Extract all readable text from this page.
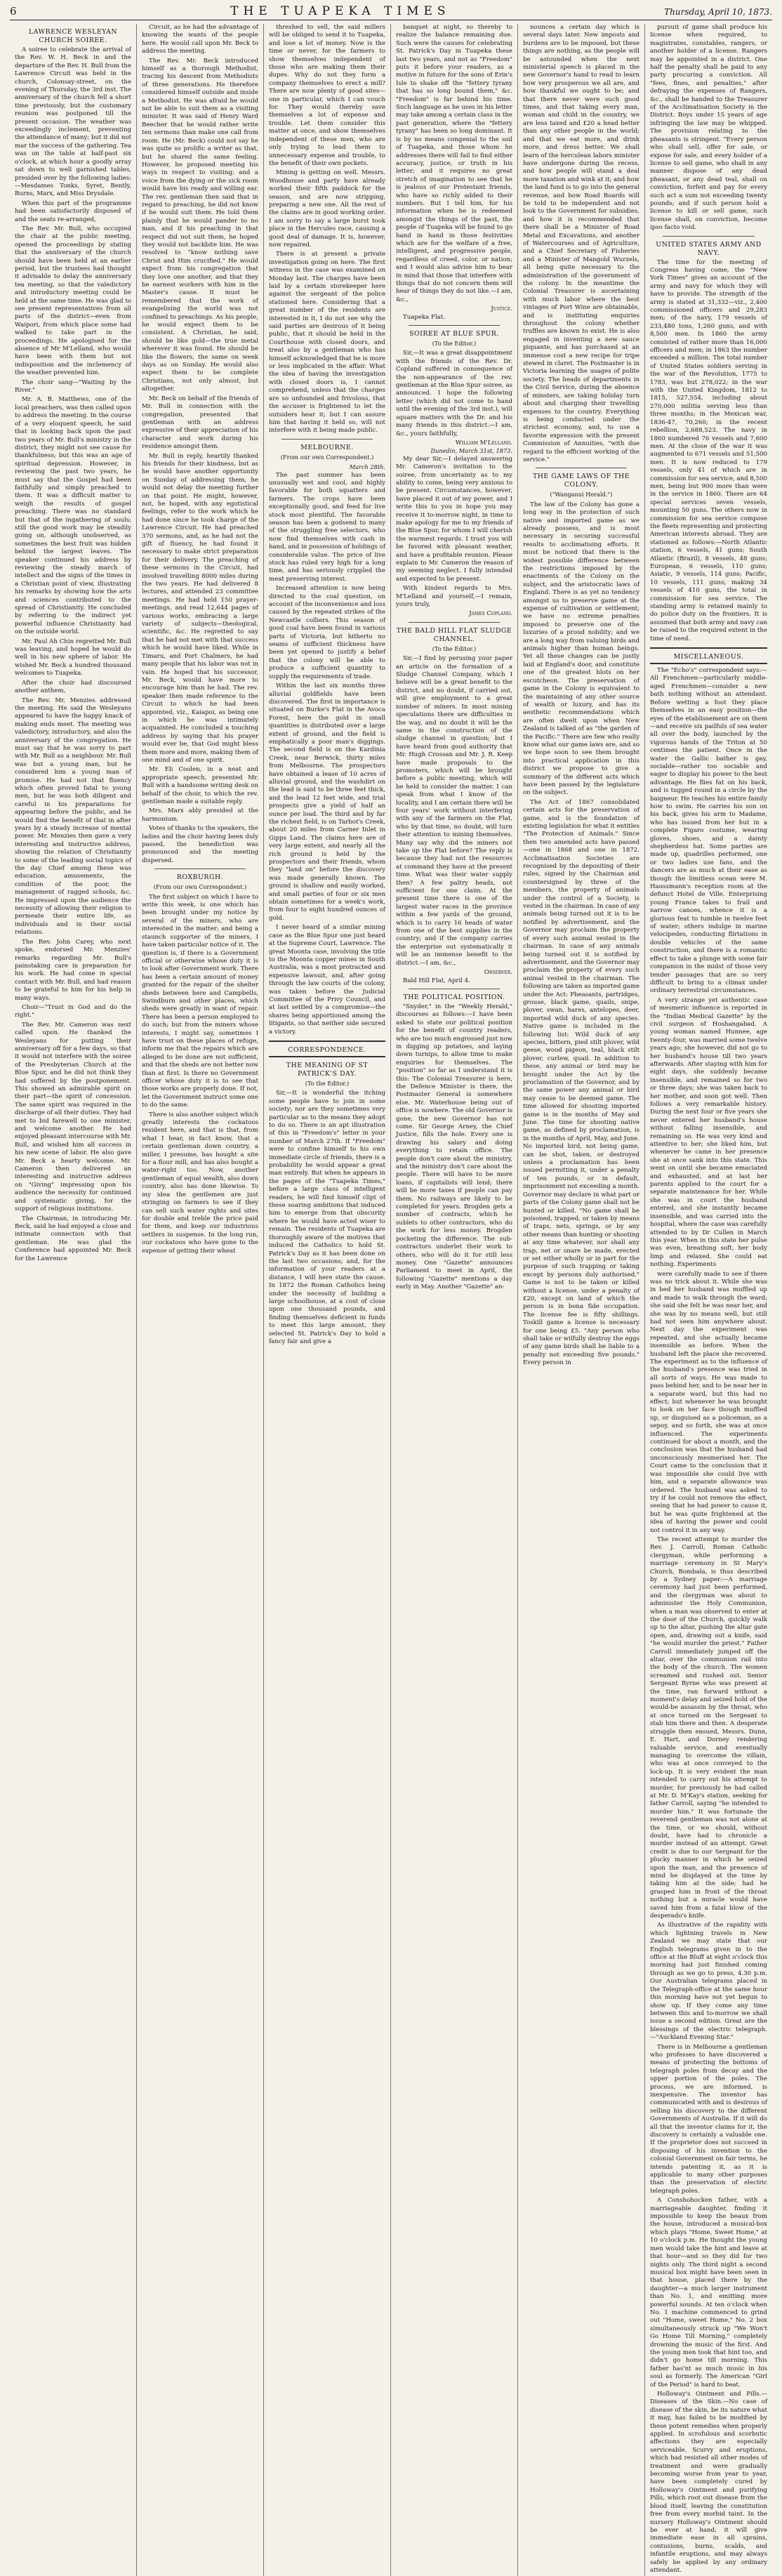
6	THE TUAPEKA TIMES	Thursday, April 10, 1873.
LAWRENCE WESLEYAN CHURCH SOIREE.

A soiree to celebrate the arrival of the Rev. W. H. Beck in and the departure of the Rev. H. Bull from the Lawrence Circuit was held in the church, Colonsay-street, on the evening of Thursday, the 3rd inst. The anniversary of the church fell a short time previously, but the customary reunion was postponed till the present occasion. The weather was exceedingly inclement, preventing the attendance of many; but it did not mar the success of the gathering. Tea was on the table at half-past six o'clock, at which hour a goodly array sat down to well garnished tables, presided over by the following ladies:—Mesdames Tonks, Syret, Bently, Burns, Marx, and Miss Drysdale.

When this part of the programme had been satisfactorily disposed of and the seats re-arranged,

The Rev. Mr. Bull, who occupied the chair at the public meeting, opened the proceedings by stating that the anniversary of the church should have been held at an earlier period, but the trustees had thought it advisable to delay the anniversary tea meeting, so that the valedictory and introductory meeting could be held at the same time. He was glad to see present representatives from all parts of the district—even from Waipori, from which place some had walked to take part in the proceedings. He apologised for the absence of Mr M'Lelland, who would have been with them but not indisposition and the inclemency of the weather prevented him.

The choir sang—"Waiting by the River."

Mr. A. B. Matthews, one of the local preachers, was then called upon to address the meeting. In the course of a very eloquent speech, he said that in looking back upon the past two years of Mr. Bull's ministry in the district, they might not see cause for thankfulness; but this was an age of spiritual depression. However, in reviewing the past two years, he must say that the Gospel had been faithfully and simply preached to them. It was a difficult matter to weigh the results of gospel preaching. There was no standard but that of the ingathering of souls; still the good work may be steadily going on, although unobserved, as sometimes the best fruit was hidden behind the largest leaves. The speaker continued his address by reviewing the steady march of intellect and the signs of the times in a Christian point of view, illustrating his remarks by showing how the arts and sciences contributed to the spread of Christianity. He concluded by referring to the indirect yet powerful influence Christianity had on the outside world.

Mr. Paul Ah Chin regretted Mr. Bull was leaving, and hoped he would do well in his new sphere of labor. He wished Mr. Beck a hundred thousand welcomes to Tuapeka.

After the choir had discoursed another anthem,

The Rev. Mr. Menzies addressed the meeting. He said the Wesleyans appeared to have the happy knack of making ends meet. The meeting was valedictory, introductory, and also the anniversary of the congregation. He must say that he was sorry to part with Mr. Bull as a neighbour. Mr. Bull was but a young man, but he considered him a young man of promise. He had not that fluency which often proved fatal to young men, but he was both diligent and careful in his preparations for appearing before the public, and he would find the benefit of that in after years by a steady increase of mental power. Mr. Menzies then gave a very interesting and instructive address, showing the relation of Christianity to some of the leading social topics of the day. Chief among these was education, amusements, the condition of the poor, the management of ragged schools, &c. He impressed upon the audience the necessity of allowing their religion to permeate their entire life, as individuals and in their social relations.

The Rev. John Carey, who next spoke, endorsed Mr. Menzies' remarks regarding Mr. Bull's painstaking care in preparation for his work. He had come in special contact with Mr. Bull, and had reason to be grateful to him for his help in many ways.

Choir—"Trust in God and do the right."

The Rev. Mr. Cameron was next called upon. He thanked the Wesleyans for putting their anniversary off for a few days, so that it would not interfere with the soiree of the Presbyterian Church at the Blue Spur, and he did not think they had suffered by the postponement. This showed an admirable spirit on their part—the spirit of concession. The same spirit was required in the discharge of all their duties. They had met to bid farewell to one minister, and welcome another. He had enjoyed pleasant intercourse with Mr. Bull, and wished him all success in his new scene of labor. He also gave Mr. Beck a hearty welcome. Mr. Cameron then delivered an interesting and instructive address on "Giving" impressing upon his audience the necessity for continued and systematic giving, for the support of religious institutions.

The Chairman, in introducing Mr. Beck, said he had enjoyed a close and intimate connection with that gentleman. He was glad the Conference had appointed Mr. Beck for the Lawrence

Circuit, as he had the advantage of knowing the wants of the people here. He would call upon Mr. Beck to address the meeting.

The Rev. Mr. Beck introduced himself as a thorough Methodist, tracing his descent from Methodists of three generations. He therefore considered himself outside and inside a Methodist. He was afraid he would not be able to suit them as a visiting minister. It was said of Henry Ward Beecher that he would rather write ten sermons than make one call from room. He (Mr. Beck) could not say he was quite so prolific a writer as that, but he shared the same feeling. However, he proposed meeting his ways in respect to visiting; and a voice from the dying or the sick room would have his ready and willing ear. The rev. gentleman then said that in regard to preaching, he did not know if he would suit them. He told them plainly that he would pander to no man, and if his preaching in that respect did not suit them, he hoped they would not backbite him. He was resolved to "know nothing save Christ and Him crucified." He would expect from his congregation that they love one another, and that they be earnest workers with him in the Master's cause. It must be remembered that the work of evangelising the world was not confined to preachings. As his people, he would expect them to be consistent. A Christian, he said, should be like gold—the true metal wherever it was found. He should be like the flowers, the same on week days as on Sunday. He would also expect them to be complete Christians, not only almost, but altogether.

Mr. Beck on behalf of the friends of Mr. Bull in connection with the congregation, presented that gentleman with an address expressive of their appreciation of his character and work during his residence amongst them.

Mr. Bull in reply, heartily thanked his friends for their kindness, but as he would have another opportunity on Sunday of addressing them, he would not delay the meeting further on that point. He might, however, not, he hoped, with any egotistical feelings, refer to the work which he had done since he took charge of the Lawrence Circuit. He had preached 370 sermons, and, as he had not the gift of fluency, he had found it necessary to make strict preparation for their delivery. The preaching of these sermons in the Circuit, had involved travelling 8000 miles during the two years. He had delivered 8 lectures, and attended 23 committee meetings. He had held 150 prayer-meetings, and read 12,644 pages of various works, embracing a large variety of subjects—theological, scientific, &c. He regretted to say that he had not met with that success which he would have liked. While in Timaru, and Port Chalmers, he had many people that his labor was not in vain. He hoped that his successor, Mr. Beck, would have more to encourage him than he had. The rev. speaker then made reference to the Circuit to which he had been appointed, viz., Kaiapoi, as being one in which he was intimately acquainted. He concluded a touching address by saying that his prayer would ever be, that God might bless them more and more, making them of one mind and of one spirit.

Mr. Eli Coolen, in a neat and appropriate speech, presented Mr. Bull with a handsome writing desk on behalf of the choir, to which the rev. gentleman made a suitable reply.

Mrs. Marx ably presided at the harmonium.

Votes of thanks to the speakers, the ladies and the choir having been duly passed, the benediction was pronounced and the meeting dispersed.

ROXBURGH.
(From our own Correspondent.)

The first subject on which I have to write this week, is one which has been brought under my notice by several of the miners, who are interested in the matter; and being a staunch supporter of the miners, I have taken particular notice of it. The question is, if there is a Government official or otherwise whose duty it is to look after Government work. There has been a certain amount of money granted for the repair of the shelter sheds between here and Campbells, Swindburn and other places, which sheds were greatly in want of repair. There has been a person employed to do such; but from the miners whose interests, I might say, sometimes I have trust on these places of refuge, inform me that the repairs which are alleged to be done are not sufficient, and that the sheds are not better now than at first. Is there no Government officer whose duty it is to see that those works are properly done. If not, let the Government instruct some one to do the same.

There is also another subject which greatly interests the cockatoos resident here, and that is that, from what I hear, in fact know, that a certain gentleman down country, a miller, I presume, has bought a site for a flour mill, and has also bought a water-right too. Now, another gentleman of equal wealth, also down country, also has done likewise. To my idea the gentlemen are just stringing on farmers to see if they can sell such water rights and sites for double and treble the price paid for them, and keep our industrious settlers in suspense. In the long run, our cockatoos who have gone to the expense of getting their wheat

threshed to sell, the said millers will be obliged to send it to Tuapeka, and lose a lot of money. Now is the time or never, for the farmers to show themselves independent of those who are making them their dupes. Why do not they form a company themselves to erect a mill? There are now plenty of good sites—one in particular, which I can vouch for. They would thereby save themselves a lot of expense and trouble. Let them consider this matter at once, and show themselves independent of these men, who are only trying to lead them to unnecessary expense and trouble, to the benefit of their own pockets.

Mining is getting on well. Messrs. Woodhouse and party have already worked their fifth paddock for the season, and are now stripping, preparing a new one. All the rest of the claims are in good working order. I am sorry to say a large burst took place in the Hercules race, causing a good deal of damage. It is, however, now repaired.

There is at present a private investigation going on here. The first witness in the case was examined on Monday last. The charges have been laid by a certain storekeeper here against the sergeant of the police stationed here. Considering that a great number of the residents are interested in it, I do not see why the said parties are desirous of it being public, that it should be held in the Courthouse with closed doors, and treat also by a gentleman who has himself acknowledged that he is more or less implicated in the affair. What the idea of having the investigation with closed doors is, I cannot comprehend, unless that the charges are so unfounded and frivolous, that the accuser is frightened to let the outsiders hear it; but I can assure him that having it held so, will not interfere with it being made public.

MELBOURNE.
(From our own Correspondent.)
March 28th.

The past summer has been unusually wet and cool, and highly favorable for both squatters and farmers. The crops have been exceptionally good, and feed for live stock most plentiful. The favorable season has been a godsend to many of the struggling free selectors, who now find themselves with cash in hand, and in possession of holdings of considerable value. The price of live stock has ruled very high for a long time, and has seriously crippled the meat preserving interest.

Increased attention is now being directed to the coal question, on account of the inconvenience and loss caused by the repeated strikes of the Newcastle colliers. This season of good coal have been found in various parts of Victoria, but hitherto no seams of sufficient thickness have been yet opened to justify a belief that the colony will be able to produce a sufficient quantity to supply the requirements of trade.

Within the last six months three alluvial goldfields have been discovered. The first in importance is situated on Burke's Flat in the Avoca Forest, here the gold in small quantities is distributed over a large extent of ground, and the field is emphatically a poor man's diggings. The second field is on the Kardinia Creek, near Berwick, thirty miles from Melbourne. The prospectors have obtained a lease of 10 acres of alluvial ground, and the washdirt on the lead is said to be three feet thick, and the lead 12 feet wide, and trial prospects give a yield of half an ounce per load. The third and by far the richest field, is on Tarbot's Creek, about 20 miles from Carner Inlet in Gipps Land. The claims here are of very large extent, and nearly all the rich ground is held by the prospectors and their friends, whom they "land on" before the discovery was made generally known. The ground is shallow and easily worked, and small parties of four or six men obtain sometimes for a week's work, from four to eight hundred ounces of gold.

I never heard of a similar mining case as the Blue Spur one just heard at the Supreme Court, Lawrence. The great Moonta case, involving the title to the Moonta copper mines in South Australia, was a most protracted and expensive lawsuit, and, after going through the law courts of the colony, was taken before the Judicial Committee of the Privy Council, and at last settled by a compromise—the shares being apportioned among the litigants, so that neither side secured a victory.

CORRESPONDENCE.
THE MEANING OF ST PATRICK'S DAY.
(To the Editor.)

Sir,—It is wonderful the itching some people have to join in some society; nor are they sometimes very particular as to the means they adopt to do so. There is an apt illustration of this in "Freedom's" letter in your number of March 27th. If "Freedom" were to confine himself to his own immediate circle of friends, there is a probability he would appear a great man entirely. But when he appears in the pages of the "Tuapeka Times," before a large class of intelligent readers, he will find himself clipt of these soaring ambitions that induced him to emerge from that obscurity where he would have acted wiser to remain. The residents of Tuapeka are thoroughly aware of the motives that induced the Catholics to hold St. Patrick's Day as it has been done on the last two occasions; and, for the information of your readers at a distance, I will here state the cause. In 1872 the Roman Catholics being under the necessity of building a large schoolhouse, at a cost of close upon one thousand pounds, and finding themselves deficient in funds to meet this large amount, they selected St. Patrick's Day to hold a fancy fair and give a

banquet at night, so thereby to realize the balance remaining due. Such were the causes for celebrating St. Patrick's Day in Tuapeka these last two years, and not as "Freedom" puts it before your readers, as a motive in future for the sons of Erin's Isle to shake off the "fettery tyrany that has so long bound them," &c. "Freedom" is far behind his time. Such language as he uses in his letter may take among a certain class in the past generation, where the "fettery tyrany" has been so long dominant. It is by no means congenial to the soil of Tuapeka, and those whom he addresses there will fail to find either accuracy, justice, or truth in his letter; and it requires no great stretch of imagination to see that he is jealous of our Protestant friends, who have so richly added to their numbers. But I tell him, for his information when he is redeemed amongst the things of the past, the people of Tuapeka will be found to go hand in hand in those festivities which are for the welfare of a free, intelligent, and progressive people, regardless of creed, color, or nation; and I would also advise him to bear in mind that those that interfere with things that do not concern them will hear of things they do not like.—I am, &c.,

Justice.

Tuapeka Flat.

SOIREE AT BLUE SPUR.
(To the Editor.)

Sir,—It was a great disappointment with the friends of the Rev. Dr. Copland suffered in consequence of the non-appearance of the rev. gentleman at the Blue Spur soiree, as announced. I hope the following letter (which did not come to hand until the evening of the 3rd inst.), will square matters with the Dr. and his many friends in this district.—I am, &c., yours faithfully,

William M'Lelland.
Dunedin, March 31st, 1873.

My dear Sir,—I delayed answering Mr. Cameron's invitation to the soiree, from uncertainty as to my ability to come, being very anxious to be present. Circumstances, however, have placed it out of my power, and I write this to you in hope you may receive it to-morrow night, in time to make apology for me to my friends of the Blue Spur, for whom I will cherish the warmest regards. I trust you will be favored with pleasant weather, and have a profitable reunion. Please explain to Mr. Cameron the reason of my seeming neglect. I fully intended and expected to be present.

With kindest regards to Mrs. M'Lelland and yourself,—I remain, yours truly,

James Copland.
THE BALD HILL FLAT SLUDGE CHANNEL.
(To the Editor.)

Sir,—I find by perusing your paper an article on the formation of a Sludge Channel Company, which I believe will be a great benefit to the district, and no doubt, if carried out, will give employment to a great number of miners. In most mining speculations there are difficulties in the way, and no doubt it will be the same in the construction of the sludge channel in question; but I have heard from good authority that Mr. Hugh Crossan and Mr. J. R. Keep have made proposals to the promoters, which will be brought before a public meeting, which will be held to consider the matter. I can speak from what I know of the locality, and I am certain there will be four years' work without interfering with any of the farmers on the Flat, who by that time, no doubt, will turn their attention to mining themselves. Many say why did the miners not take up the Flat before? The reply is because they had not the resources at command they have at the present time. What was their water supply then? A few paltry heads, not sufficient for one claim. At the present time there is one of the largest water races in the province within a few yards of the ground, which is to carry 16 heads of water from one of the best supplies in the country; and if the company carries the enterprise out systematically it will be an immense benefit to the district.—I am, &c.,

Observer.

Bald Hill Flat, April 4.

THE POLITICAL POSITION.

"Snyder," in the "Weekly Herald," discourses as follows:—I have been asked to state our political position for the benefit of country readers, who are too much engrossed just now in digging up potatoes, and laying down turnips, to allow time to make enquiries for themselves. The "position" so far as I understand it is this: The Colonial Treasurer is here, the Defence Minister is there, the Postmaster General is somewhere else. Mr. Waterhouse being out of office is nowhere. The old Governor is gone, the new Governor has not come. Sir George Arney, the Chief Justice, fills the hole. Every one is drawing his salary and doing everything to retain office. The people don't care about the ministry, and the ministry don't care about the people. There will have to be more loans, if capitalists will lend; there will be more taxes if people can pay them. No railways are likely to be completed for years. Brogden gets a number of contracts, which he sublets to other contractors, who do the work for less money. Brogden pocketing the difference. The sub-contractors underlet their work to others, who will do it for still less money. One "Gazette" announces Parliament to meet in April, the following "Gazette" mentions a day early in May. Another "Gazette" an-

nounces a certain day which is several days later. New imposts and burdens are to be imposed, but these things are nothing, as the people will be astounded when the next ministerial speech is placed in the new Governor's hand to read to learn how very prosperous we all are, and how thankful we ought to be; and that there never were such good times, and that taking every man, woman and child in the country, we are less taxed and £20 a head better than any other people in the world; and that we eat more, and drink more, and dress better. We shall learn of the herculean labors minister have undergone during the recess, and how people will stand a deal more taxation and wink at it; and how the land fund is to go into the general revenue, and how Road Boards will be told to be independent and not look to the Government for subsidies, and how it is recommended that there shall be a Minister of Road Metal and Excavations, and another of Watercourses and of Agriculture, and a Chief Secretary of Fisheries and a Minister of Mangold Wurzels, all being quite necessary to the administration of the government of the colony. In the meantime the Colonial Treasurer is ascertaining with much labor where the best vintages of Port Wine are obtainable, and is instituting enquiries throughout the colony whether truffles are known to exist. He is also engaged in inventing a new sauce piquante, and has purchased at an immense cost a new recipe for tripe stewed in claret. The Postmaster is in Victoria learning the usages of polite society. The heads of departments in the Civil Service, during the absence of minsters, are taking holiday turn about and charging their travelling expenses to the country. Everything is being conducted under the strictest economy, and, to use a favorite expression with the present Commission of Annuities, "with due regard to the efficient working of the service."

THE GAME LAWS OF THE COLONY.
("Wanganui Herald.")

The law of the Colony has gone a long way in the protection of such native and imported game as we already possess, and is most necessary in securing successful results to acclimatising efforts. It must be noticed that there is the widest possible difference between the restrictions imposed by the enactments of the Colony on the subject, and the aristocratic laws of England. There is as yet no tendency amongst us to preserve game at the expense of cultivation or settlement; we have no extreme penalties imposed to preserve one of the luxuries of a proud nobility; and we are a long way from valuing birds and animals higher than human beings. Yet all these changes can be justly laid at England's door, and constitute one of the greatest blots on her escutcheon. The preservation of game in the Colony is equivalent to the maintaining of any other source of wealth or luxury, and has its aesthetic recommendations which are often dwelt upon when New Zealand is talked of as "the garden of the Pacific." There are few who really know what our game laws are, and so we hope soon to see them brought into practical application in this district we propose to give a summary of the different acts which have been passed by the legislature on the subject.

The Act of 1867 consolidated certain acts for the preservation of game, and is the foundation of existing legislation for what it entitles "The Protection of Animals." Since then two amended acts have passed—one in 1868 and one in 1872. Acclimatisation Societies are recognised by the depositing of their rules, signed by the Chairman and countersigned by three of the members, the property of animals under the control of a Society, is vested in the chairman. In case of any animals being turned out it is to be notified by advertisement, and the Governor may proclaim the property of every such animal vested in the chairman. In case of any animals being turned out it is notified by advertisement, and the Governor may proclaim the property of every such animal vested in the chairman. The following are taken as imported game under the Act: Pheasants, partridges, grouse, black game, quails, snipe, plover, swan, hares, antelopes, deer, imported wild duck of any species. Native game is included in the following list: Wild duck of any species, bittern, pied stilt plover, wild geese, wood pigeon, teal, black stilt plover, curlew, quail. In addition to these, any animal or bird may be brought under the Act by the proclamation of the Governor, and by the same power any animal or bird may cease to be deemed game. The time allowed for shooting imported game is in the months of May and June. The time for shooting native game, as defined by proclamation, is in the months of April, May, and June. No imported bird, not being game, can be shot, taken, or destroyed unless a proclamation has been issued permitting it, under a penalty of ten pounds, or in default, imprisonment not exceeding a month. Governor may declare in what part or parts of the Colony game shall not be hunted or killed. "No game shall be poisoned, trapped, or taken by means of traps, nets, springs, or by any other means than hunting or shooting at any time whatever, nor shall any trap, net or snare be made, erected or set either wholly or in part for the purpose of such trapping or taking except by persons duly authorised." Game is not to be taken or killed without a license, under a penalty of £20, except on land of which the person is in bona fide occupation. The license fee is fifty shillings. Toskill game a license is necessary for one being £5. "Any person who shall take or wilfully destroy the eggs of any game birds shall be liable to a penalty not exceeding five pounds." Every person in

pursuit of game shall produce his license when required, to magistrates, constables, rangers, or another holder of a license. Rangers may be appointed in a district. One half the penalty shall be paid to any party procuring a conviction. All "fees, fines, and penalties," after defraying the expenses of Rangers, &c., shall be handed to the Treasurer of the Acclimatisation Society in the District. Boys under 15 years of age infringing the law may be whipped. The provision relating to the pheasants is stringent. "Every person who shall sell, offer for sale, or expose for sale, and every holder of a license to sell game, who shall in any manner dispose of any dead pheasant, or any dead teal, shall on conviction, forfeit and pay for every such act a sum not exceeding twenty pounds; and if such person hold a license to kill or sell game, such license shall, on conviction, become ipso facto void.

UNITED STATES ARMY AND NAVY.

The time for the meeting of Congress having come, the "New York Times" gives an account of the army and navy for which they will have to provide. The strength of the army is stated at 31,332—viz., 2,400 commissioned officers and 29,283 men; of the navy, 179 vessels of 233,480 tons, 1,260 guns, and with 8,500 men. In 1860 the army consisted of rather more than 16,000 officers and men; in 1863 the number exceeded a million. The total number of United States soldiers serving in the war of the Revolution, 1775 to 1783, was but 278,022; in the war with the United Kingdom, 1812 to 1815, 527,554, including about 270,000 militia serving less than three months; in the Mexican war, 1836-47, 70,260; in the recent rebellion, 2,688,523. The navy in 1860 numbered 76 vessels and 7,600 men. At the close of the war it was augmented to 671 vessels and 51,500 men. It is now reduced to 179 vessels, only 41 of which are in commission for sea service, and 8,500 men, being but 900 more than were in the service in 1860. There are 64 special services seven vessels, mounting 50 guns. The others now in commission for sea service compose the fleets representing and protecting American interests abroad. They are stationed as follows:—North Atlantic station, 6 vessels, 41 guns; South Atlantic (Brazil), 8 vessels, 48 guns; European, 6 vessels, 110 guns; Asiatic, 9 vessels, 114 guns; Pacific, 10 vessels, 111 guns; making 34 vessels of 410 guns, the total in commission for sea service. The standing army is retained mainly to do police duty on the frontiers. It is assumed that both army and navy can be raised to the required extent in the time of need.

MISCELLANEOUS.

The "Echo's" correspondent says:—All Frenchmen—particularly middle-aged Frenchmen—consider a new bath nothing without an attendant. Before wetting a foot they place themselves in an easy position—the eyes of the etablissement are on them—and receive six pailfuls of sea water all over the body, launched by the vigorous hands of the Triton at 50 centimes the patient. Once in the water the Gallic bather is gay, sociable—rather too sociable and eager to display his power to the best advantage. He flies fat on his back, and is tugged round in a circle by the baigneur. He teaches his entire family how to swim. He carries his son on his back, gives his arm to Madame, who has issued from her hut in a complete Figaro costume, wearing gloves, shoes, and a dainty shepherdess hat. Some parties are made up, quadrilles performed, one or two ladies use fans, and the dancers are as much at their ease as though the limitless ocean were M. Haussmann's reception room at the defunct Hotel de Ville. Enterprising young France takes to frail and narrow canoes, whence it is a glorious feat to tumble in twelve feet of water; others indulge in marine velocipedes, conducting flirtations in double vehicles of the same construction, and there is a romantic effect to take a plunge with some fair companion in the midst of those very tender passages that are so very difficult to bring to a climax under ordinary terrestrial circumstances.

A very strange yet authentic case of mesmeric influence is reported in the "Indian Medical Gazette" by the civil surgeon of Hoshangabad. A young woman named Hunnee, age twenty-four, was married some twelve years ago; she however, did not go to her husband's house till two years afterwards. After staying with him for eight days, she suddenly became insensible, and remained so for two or three days; she was taken back to her mother, and soon got well. Then follows a very remarkable history. During the next four or five years she never entered her husband's house without falling insensible, and remaining so. He was very kind and attentive to her; she liked him, but whenever he came in her presence she at once sank into this state. This went on until she became emaciated and exhausted, and at last her parents applied to the court for a separate maintenance for her. While she was in court the husband entered, and she instantly became insensible, and was carried into the hospital, where the case was carefully attended to by Dr Cullen in March this year. When in this state her pulse was even, breathing soft, her body limp and relaxed. She could eat nothing. Experiments

were carefully made to see if there was no trick about it. While she was in bed her husband was muffled up and made to walk through the ward; she said she felt he was near her, and she was by no means well, but still had not seen him anywhere about. Next day the experiment was repeated, and she actually became insensible as before. When the husband left the place she recovered. The experiment as to the influence of the husband's presence was tried in all sorts of ways. He was made to pass behind her, and to be near her in a separate ward, but this had no effect; but whenever he was brought to look on her face though muffled up, or disguised as a policeman, as a sepoy, and so forth, she was at once influenced. The experiments continued for about a month, and the conclusion was that the husband had unconsciously mesmerised her. The Court came to the conclusion that it was impossible she could live with him, and a separate allowance was ordered. The husband was asked to try if he could not remove the effect, seeing that he had power to cause it, but he was quite frightened at the idea of having the power and could not control it in any way.

The recent attempt to murder the Rev. J. Carroll, Roman Catholic clergyman, while performing a marriage ceremony in St Mary's Church, Bombala, is thus described by a Sydney paper:—A marriage ceremony had just been performed, and the clergyman was about to administer the Holy Communion, when a man was observed to enter at the door of the Church, quickly walk up to the altar, pushing the altar gate open, and, drawing out a knife, said "he would murder the priest." Father Carroll immediately jumped off the altar, over the communion rail into the body of the church. The women screamed and rushed out. Senior Sergeant Byrne who was present at the time, ran forward without a moment's delay and seized hold of the would-be assassin by the throat, who at once turned on the Sergeant to stab him there and then. A desperate struggle then ensued, Messrs. Dunn, E. Hart, and Dorney rendering valuable service, and eventually managing to overcome the villain, who was at once conveyed to the lock-up. It is very evident the man intended to carry out his attempt to murder, for previously he had called at Mr. D. M'Kay's station, seeking for father Carroll, saying "he intended to murder him." It was fortunate the reverend gentleman was not alone at the time, or we should, without doubt, have had to chronicle a murder instead of an attempt. Great credit is due to our Sergeant for the plucky manner in which he seized upon the man, and the presence of mind he displayed at the time by taking him at the side; had he grasped him in front of the throat nothing but a miracle would have saved him from a fatal blow of the desperado's knife.

As illustrative of the rapidity with which lightning travels in New Zealand we may state that our English telegrams given in to the office at the Bluff at eight o'clock this morning had just finished coming through as we go to press, 4.30 p.m. Our Australian telegrams placed in the Telegraph-office at the same hour this morning have not yet begun to show up. If they come any time between this and to-morrow we shall issue a second edition. Great are the blessings of the electric telegraph.—"Auckland Evening Star."

There is in Melbourne a gentleman who professes to have discovered a means of protecting the bottoms of telegraph poles from decay and the upper portion of the poles. The process, we are informed, is inexpensive. The inventor has communicated with and is desirous of selling his discovery to the different Governments of Australia. If it will do all that the inventor claims for it, the discovery is certainly a valuable one. If the proprietor does not succeed in disposing of his invention to the colonial Government on fair terms, he intends patenting it, as it is applicable to many other purposes than the preservation of electric telegraph poles.

A Conshohocken father, with a marriageable daughter, finding it impossible to keep the beaux from the house, introduced a musical-box which plays "Home, Sweet Home," at 10 o'clock p.m. He thought the young men would take the hint and leave at that hour—and so they did for two nights only. The third night a second musical box might have been seen in that house, placed there by the daughter—a much larger instrument than No. 1, and emitting more powerful sounds. At ten o'clock when No. 1 machine commenced to grind out "Home, sweet Home," No. 2 box simultaneously struck up "We Won't Go Home Till Morning," completely drowning the music of the first. And the young men took that hint too, and didn't go home till morning. This father has'nt as much music in his soul as formerly. The American "Girl of the Period" is hard to beat.

Holloway's Ointment and Pills.—Diseases of the Skin.—No case of disease of the skin, be its nature what it may, has failed to be modified by these potent remedies when properly applied. In scrofulous and scorbutic affections they are especially serviceable. Scurvy and eruptions, which had resisted all other modes of treatment and were gradually becoming worse from year to year, have been completely cured by Holloway's Ointment and purifying Pills, which root out disease from the blood itself, leaving the constitution free from every morbid taint. In the nursery Holloway's Ointment should be ever at hand; it will give immediate ease in all sprains, contusions, burns, scalds, and infantile eruptions, and may always safely be applied by any ordinary attendant.
